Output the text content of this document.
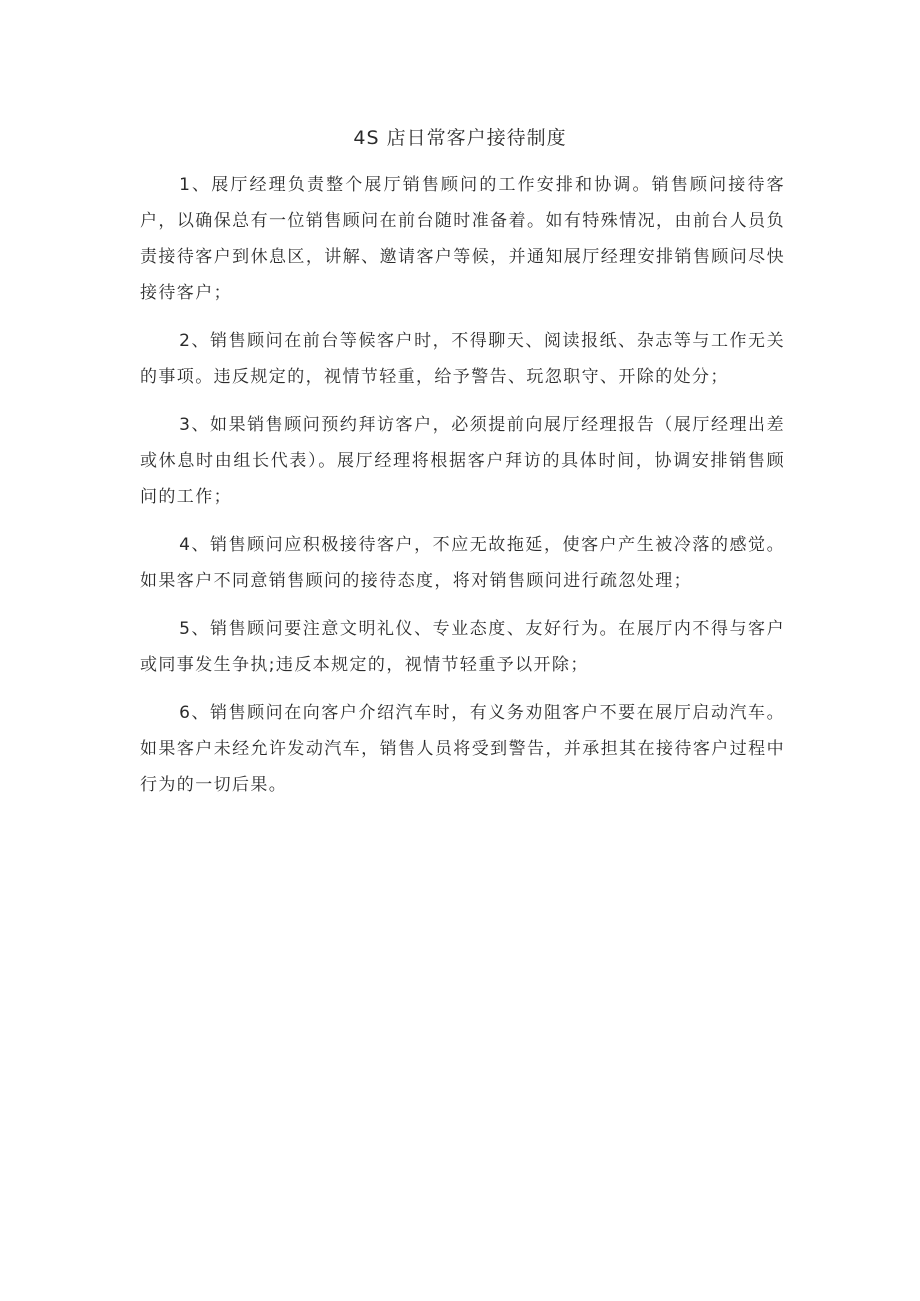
4S 店日常客户接待制度

1、展厅经理负责整个展厅销售顾问的工作安排和协调。销售顾问接待客户，以确保总有一位销售顾问在前台随时准备着。如有特殊情况，由前台人员负责接待客户到休息区，讲解、邀请客户等候，并通知展厅经理安排销售顾问尽快接待客户；

2、销售顾问在前台等候客户时，不得聊天、阅读报纸、杂志等与工作无关的事项。违反规定的，视情节轻重，给予警告、玩忽职守、开除的处分；

3、如果销售顾问预约拜访客户，必须提前向展厅经理报告（展厅经理出差或休息时由组长代表）。展厅经理将根据客户拜访的具体时间，协调安排销售顾问的工作；

4、销售顾问应积极接待客户，不应无故拖延，使客户产生被冷落的感觉。如果客户不同意销售顾问的接待态度，将对销售顾问进行疏忽处理；

5、销售顾问要注意文明礼仪、专业态度、友好行为。在展厅内不得与客户或同事发生争执;违反本规定的，视情节轻重予以开除；

6、销售顾问在向客户介绍汽车时，有义务劝阻客户不要在展厅启动汽车。如果客户未经允许发动汽车，销售人员将受到警告，并承担其在接待客户过程中行为的一切后果。
